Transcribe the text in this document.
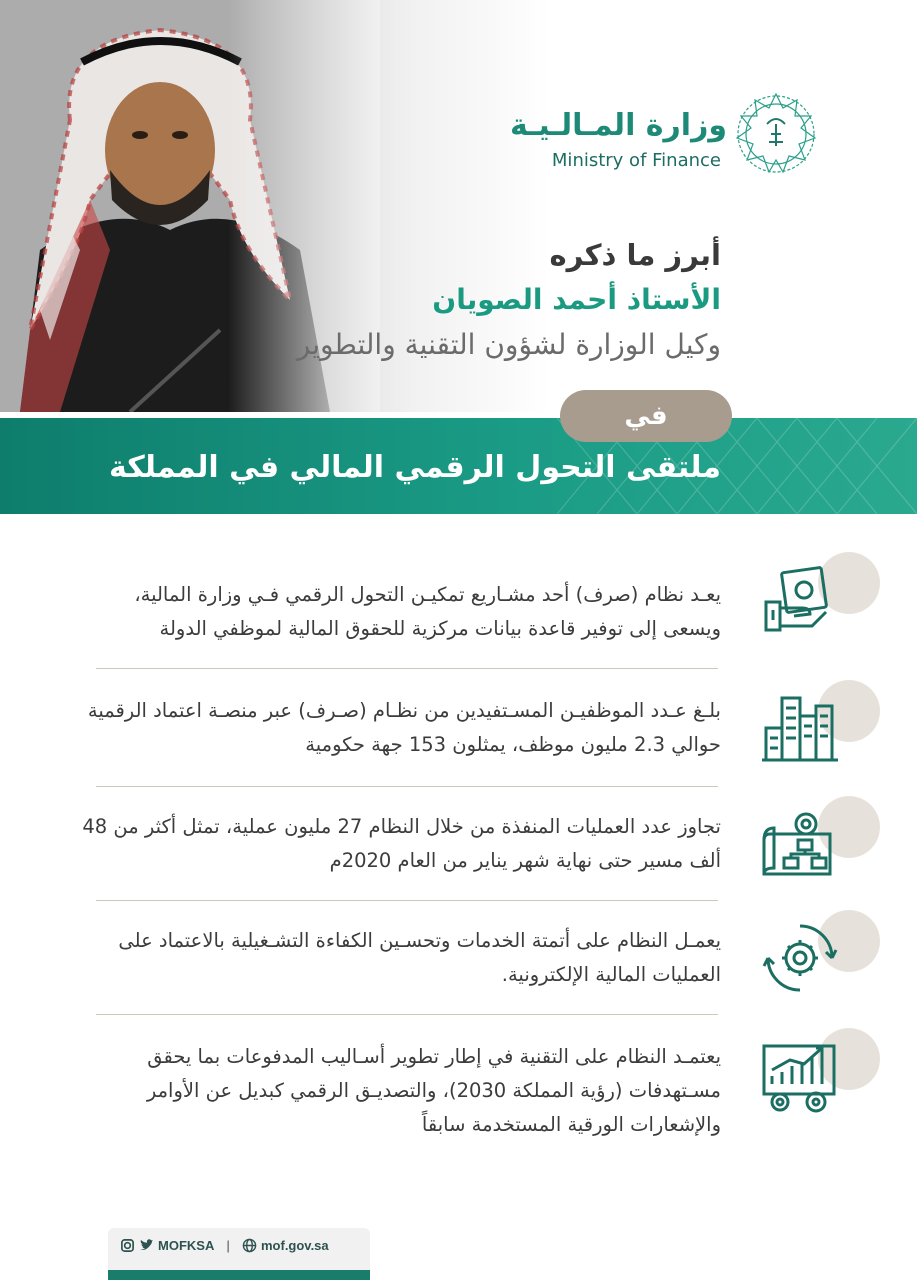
وزارة المـالـيـة
Ministry of Finance
أبرز ما ذكره
الأستاذ أحمد الصويان
وكيل الوزارة لشؤون التقنية والتطوير
في
ملتقى التحول الرقمي المالي في المملكة
يعـد نظام (صرف) أحد مشـاريع تمكيـن التحول الرقمي فـي وزارة المالية، ويسعى إلى توفير قاعدة بيانات مركزية للحقوق المالية لموظفي الدولة
بلـغ عـدد الموظفيـن المسـتفيدين من نظـام (صـرف) عبر منصـة اعتماد الرقمية حوالي 2.3 مليون موظف، يمثلون 153 جهة حكومية
تجاوز عدد العمليات المنفذة من خلال النظام 27 مليون عملية، تمثل أكثر من 48 ألف مسير حتى نهاية شهر يناير من العام 2020م
يعمـل النظام على أتمتة الخدمات وتحسـين الكفاءة التشـغيلية بالاعتماد على العمليات المالية الإلكترونية.
يعتمـد النظام على التقنية في إطار تطوير أسـاليب المدفوعات بما يحقق مسـتهدفات (رؤية المملكة 2030)، والتصديـق الرقمي كبديل عن الأوامر والإشعارات الورقية المستخدمة سابقاً
MOFKSA | mof.gov.sa
